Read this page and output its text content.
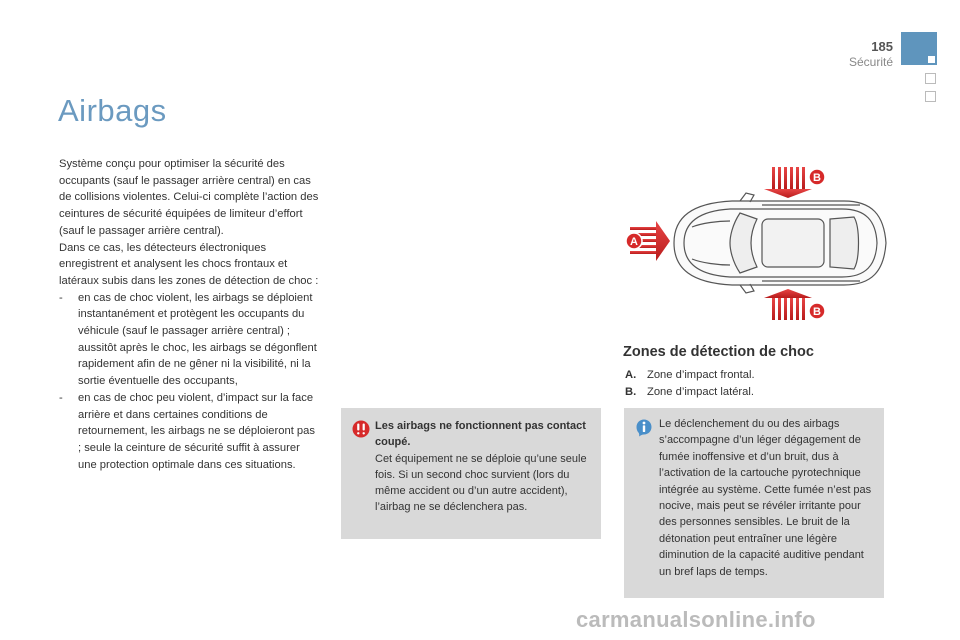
185
Sécurité
Airbags

Système conçu pour optimiser la sécurité des occupants (sauf le passager arrière central) en cas de collisions violentes. Celui-ci complète l’action des ceintures de sécurité équipées de limiteur d’effort (sauf le passager arrière central).

Dans ce cas, les détecteurs électroniques enregistrent et analysent les chocs frontaux et latéraux subis dans les zones de détection de choc :

- en cas de choc violent, les airbags se déploient instantanément et protègent les occupants du véhicule (sauf le passager arrière central) ; aussitôt après le choc, les airbags se dégonflent rapidement afin de ne gêner ni la visibilité, ni la sortie éventuelle des occupants,
- en cas de choc peu violent, d’impact sur la face arrière et dans certaines conditions de retournement, les airbags ne se déploieront pas ; seule la ceinture de sécurité suffit à assurer une protection optimale dans ces situations.
Les airbags ne fonctionnent pas contact coupé.
Cet équipement ne se déploie qu’une seule fois. Si un second choc survient (lors du même accident ou d’un autre accident), l’airbag ne se déclenchera pas.
A
B
B
Zones de détection de choc
A. Zone d’impact frontal.
B. Zone d’impact latéral.
Le déclenchement du ou des airbags s’accompagne d’un léger dégagement de fumée inoffensive et d’un bruit, dus à l’activation de la cartouche pyrotechnique intégrée au système. Cette fumée n’est pas nocive, mais peut se révéler irritante pour des personnes sensibles. Le bruit de la détonation peut entraîner une légère diminution de la capacité auditive pendant un bref laps de temps.
carmanualsonline.info
